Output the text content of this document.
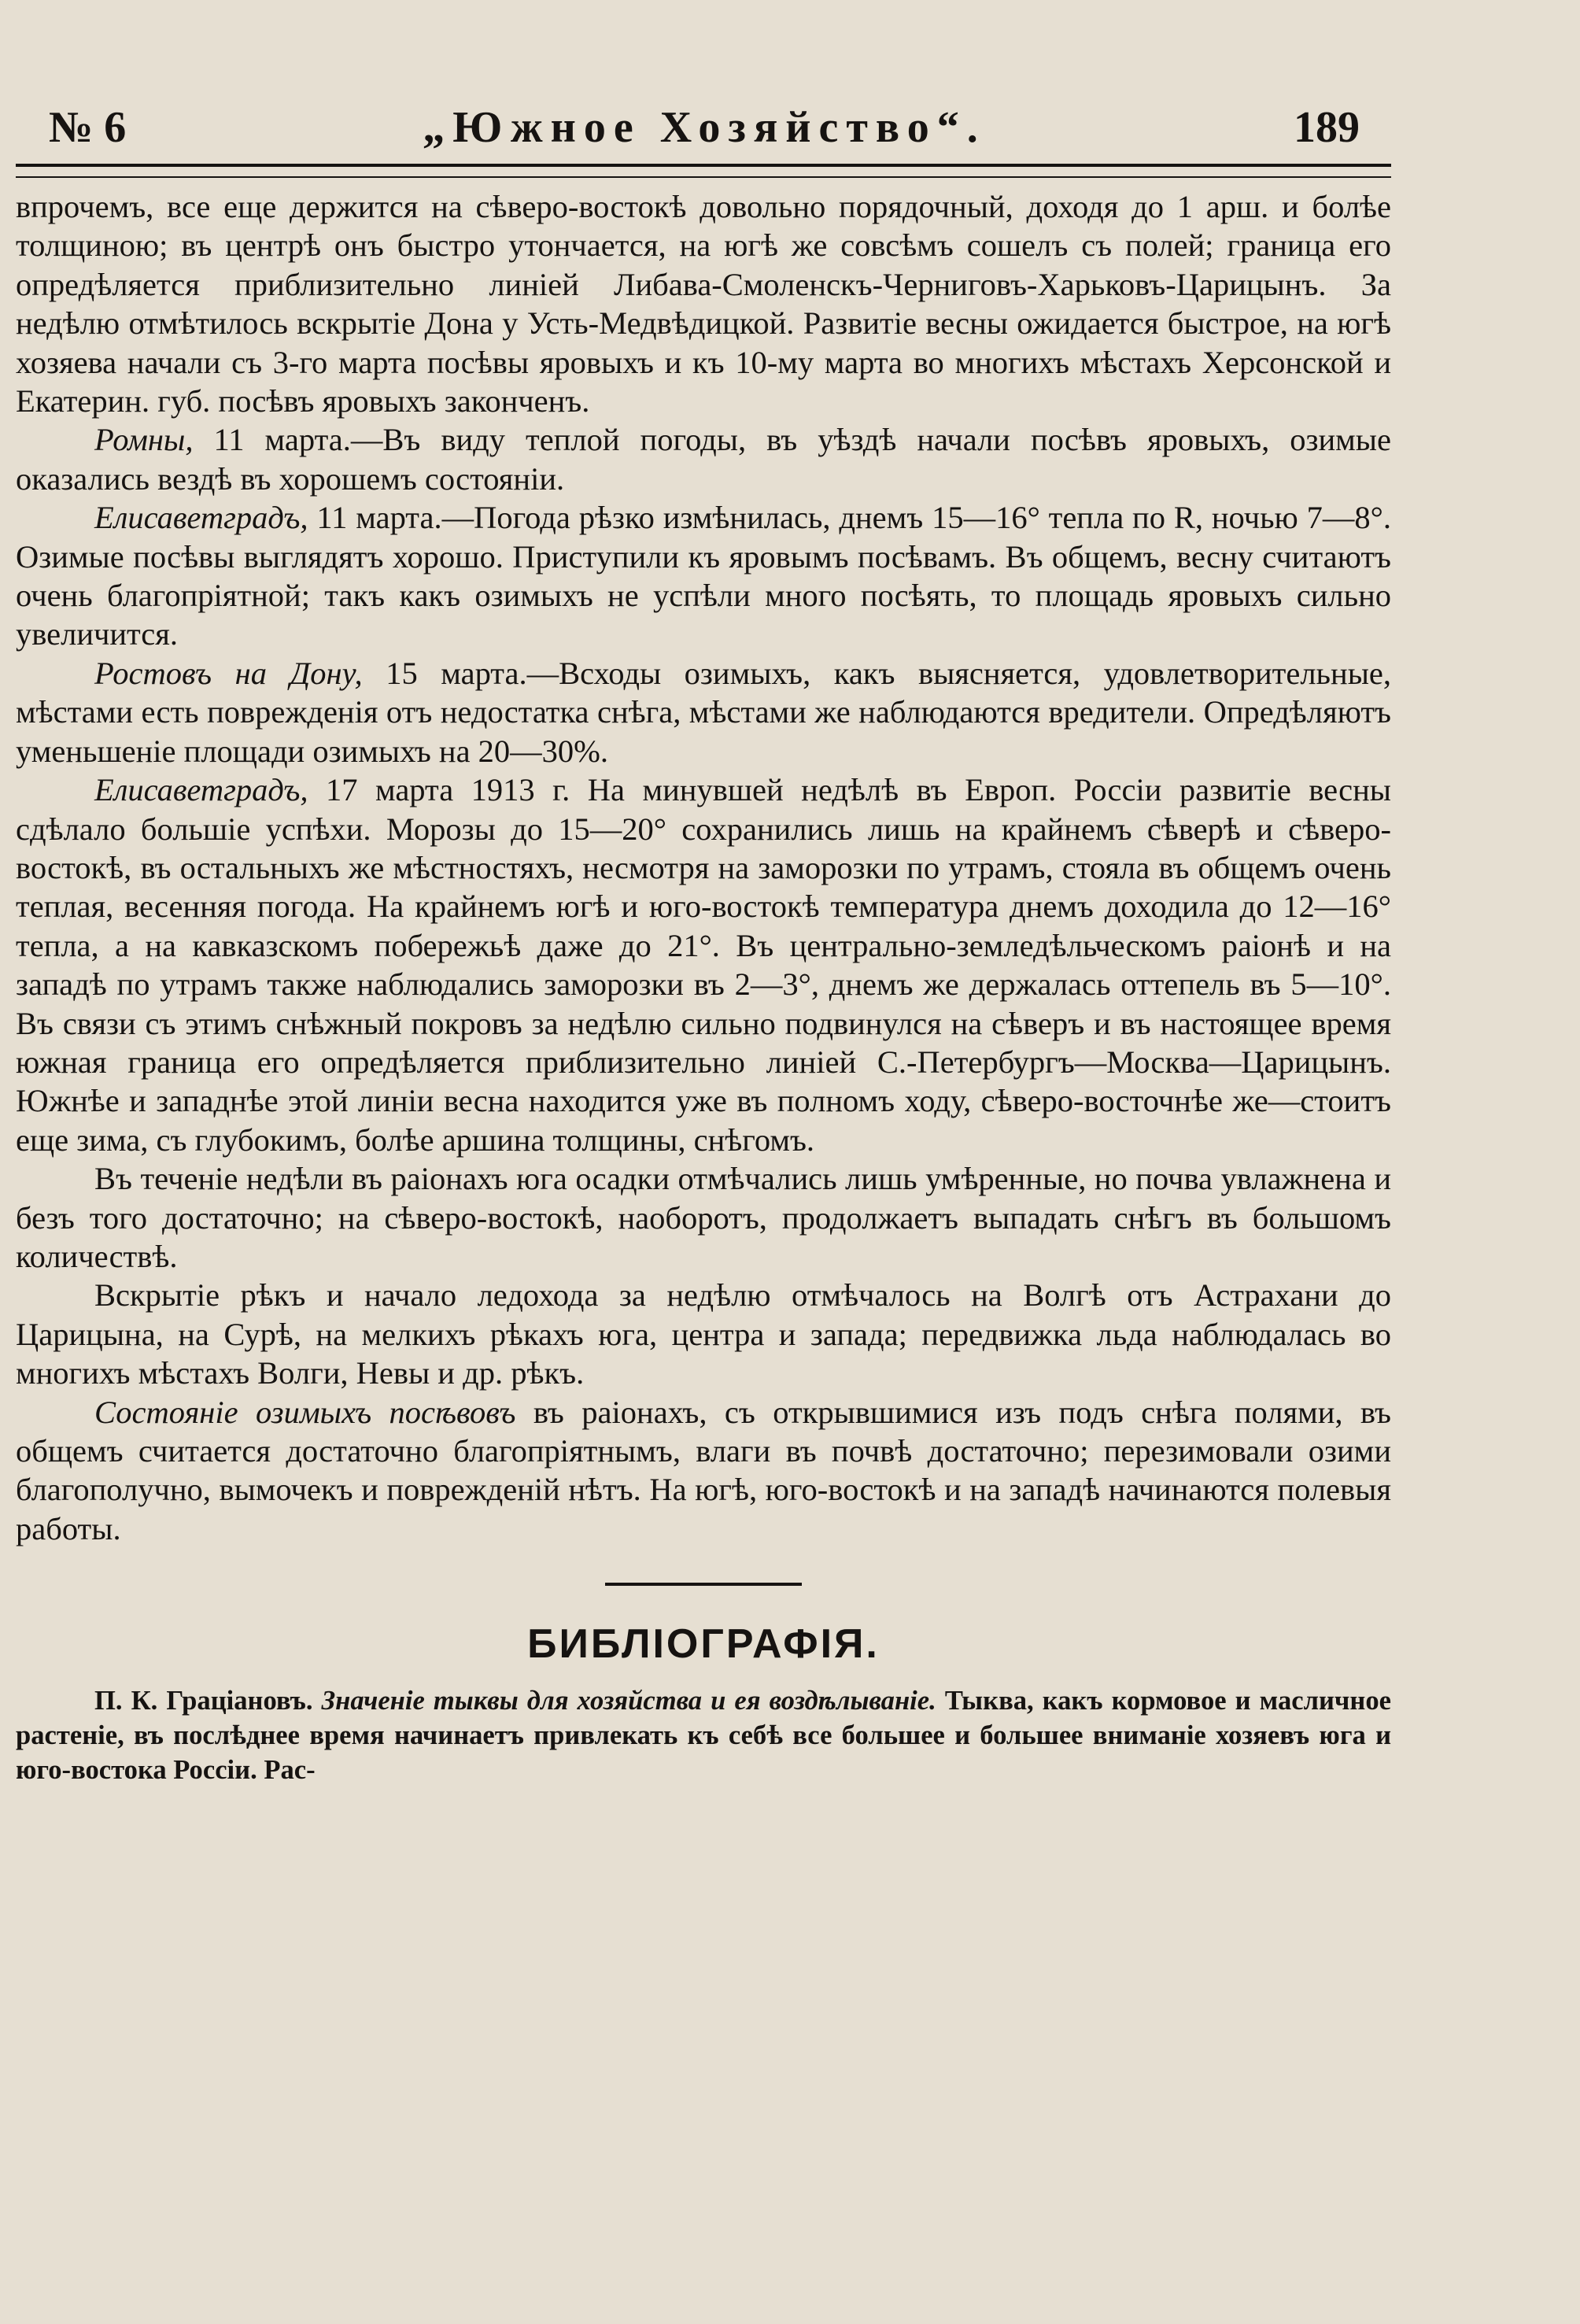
№ 6	„Южное Хозяйство“.	189

впрочемъ, все еще держится на сѣверо-востокѣ довольно порядочный, доходя до 1 арш. и болѣе толщиною; въ центрѣ онъ быстро утончается, на югѣ же совсѣмъ сошелъ съ полей; граница его опредѣляется приблизительно линіей Либава-Смоленскъ-Черниговъ-Харьковъ-Царицынъ. За недѣлю отмѣтилось вскрытіе Дона у Усть-Медвѣдицкой. Развитіе весны ожидается быстрое, на югѣ хозяева начали съ 3-го марта посѣвы яровыхъ и къ 10-му марта во многихъ мѣстахъ Херсонской и Екатерин. губ. посѣвъ яровыхъ законченъ.

Ромны, 11 марта.—Въ виду теплой погоды, въ уѣздѣ начали посѣвъ яровыхъ, озимые оказались вездѣ въ хорошемъ состояніи.

Елисаветградъ, 11 марта.—Погода рѣзко измѣнилась, днемъ 15—16° тепла по R, ночью 7—8°. Озимые посѣвы выглядятъ хорошо. Приступили къ яровымъ посѣвамъ. Въ общемъ, весну считаютъ очень благопріятной; такъ какъ озимыхъ не успѣли много посѣять, то площадь яровыхъ сильно увеличится.

Ростовъ на Дону, 15 марта.—Всходы озимыхъ, какъ выясняется, удовлетворительные, мѣстами есть поврежденія отъ недостатка снѣга, мѣстами же наблюдаются вредители. Опредѣляютъ уменьшеніе площади озимыхъ на 20—30%.

Елисаветградъ, 17 марта 1913 г. На минувшей недѣлѣ въ Европ. Россіи развитіе весны сдѣлало большіе успѣхи. Морозы до 15—20° сохранились лишь на крайнемъ сѣверѣ и сѣверо-востокѣ, въ остальныхъ же мѣстностяхъ, несмотря на заморозки по утрамъ, стояла въ общемъ очень теплая, весенняя погода. На крайнемъ югѣ и юго-востокѣ температура днемъ доходила до 12—16° тепла, а на кавказскомъ побережьѣ даже до 21°. Въ центрально-земледѣльческомъ раіонѣ и на западѣ по утрамъ также наблюдались заморозки въ 2—3°, днемъ же держалась оттепель въ 5—10°. Въ связи съ этимъ снѣжный покровъ за недѣлю сильно подвинулся на сѣверъ и въ настоящее время южная граница его опредѣляется приблизительно линіей С.-Петербургъ—Москва—Царицынъ. Южнѣе и западнѣе этой линіи весна находится уже въ полномъ ходу, сѣверо-восточнѣе же—стоитъ еще зима, съ глубокимъ, болѣе аршина толщины, снѣгомъ.

Въ теченіе недѣли въ раіонахъ юга осадки отмѣчались лишь умѣренные, но почва увлажнена и безъ того достаточно; на сѣверо-востокѣ, наоборотъ, продолжаетъ выпадать снѣгъ въ большомъ количествѣ.

Вскрытіе рѣкъ и начало ледохода за недѣлю отмѣчалось на Волгѣ отъ Астрахани до Царицына, на Сурѣ, на мелкихъ рѣкахъ юга, центра и запада; передвижка льда наблюдалась во многихъ мѣстахъ Волги, Невы и др. рѣкъ.

Состояніе озимыхъ посѣвовъ въ раіонахъ, съ открывшимися изъ подъ снѣга полями, въ общемъ считается достаточно благопріятнымъ, влаги въ почвѣ достаточно; перезимовали озими благополучно, вымочекъ и поврежденій нѣтъ. На югѣ, юго-востокѣ и на западѣ начинаются полевыя работы.

БИБЛІОГРАФІЯ.

П. К. Грацiановъ. Значеніе тыквы для хозяйства и ея воздѣлываніе. Тыква, какъ кормовое и масличное растеніе, въ послѣднее время начинаетъ привлекать къ себѣ все большее и большее вниманіе хозяевъ юга и юго-востока Россіи. Рас-
